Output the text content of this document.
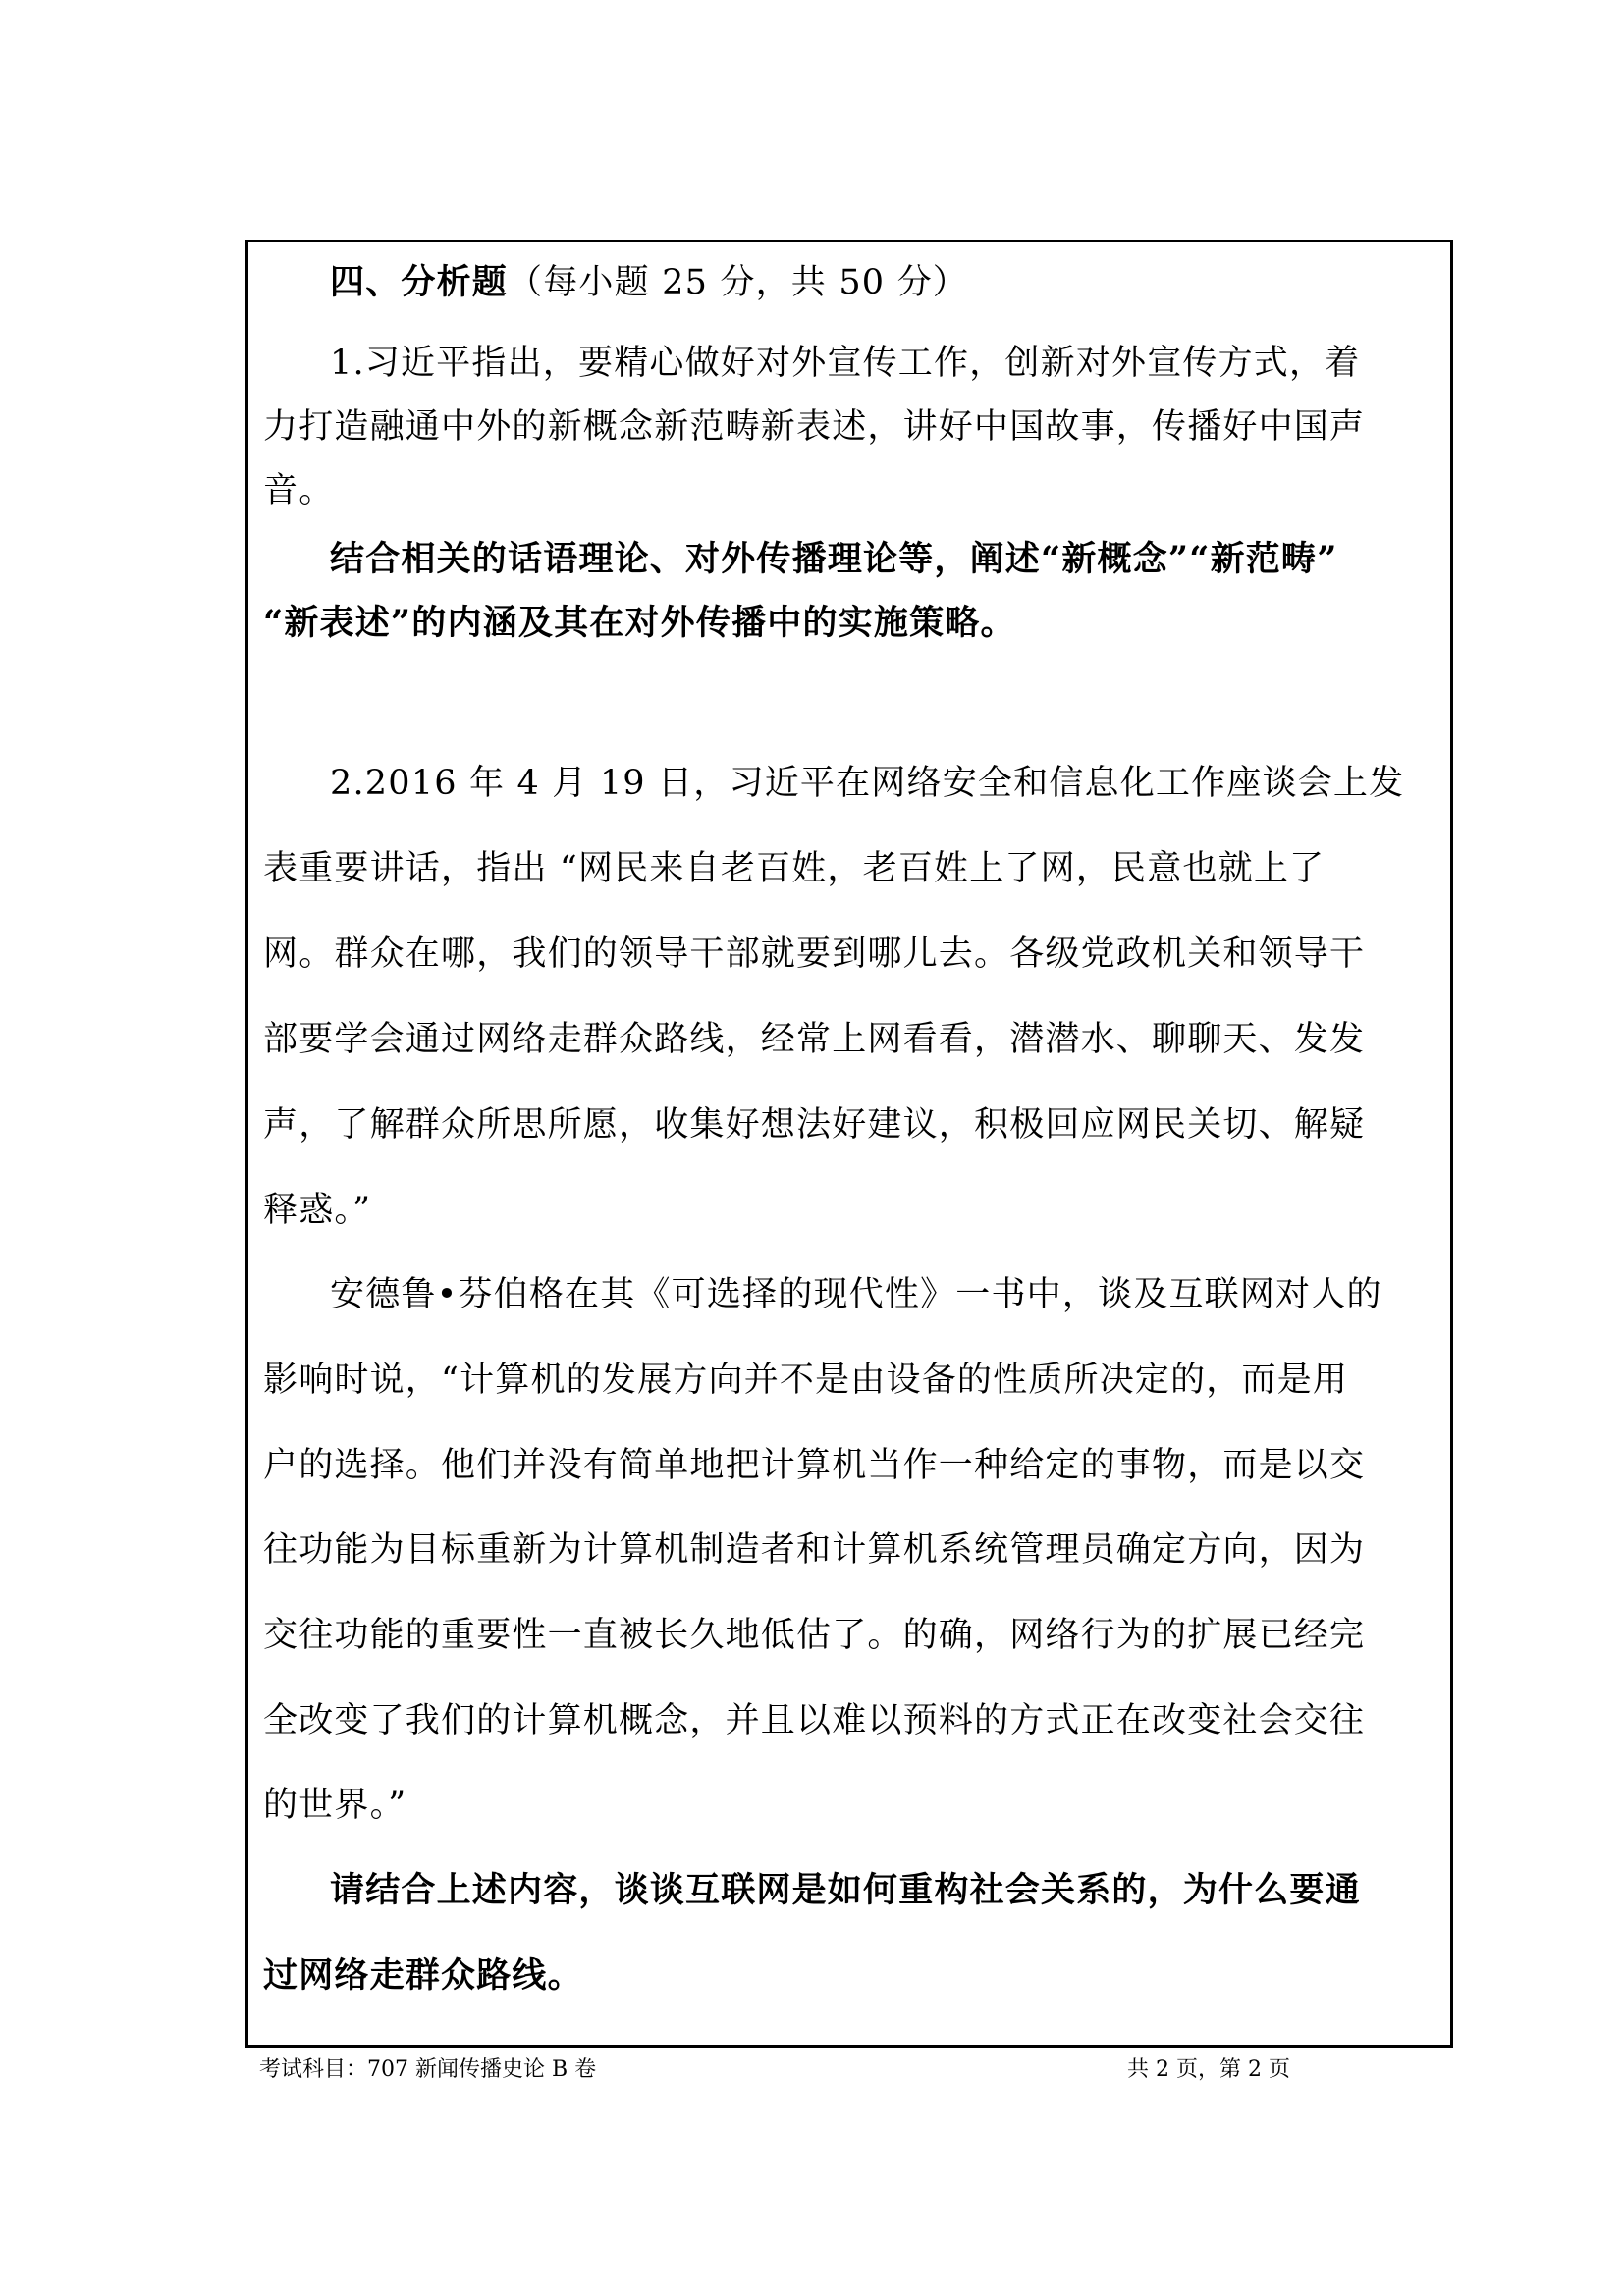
四、分析题（每小题 25 分，共 50 分）
1.习近平指出，要精心做好对外宣传工作，创新对外宣传方式，着
力打造融通中外的新概念新范畴新表述，讲好中国故事，传播好中国声
音。
结合相关的话语理论、对外传播理论等，阐述“新概念”“新范畴”
“新表述”的内涵及其在对外传播中的实施策略。
2.2016 年 4 月 19 日，习近平在网络安全和信息化工作座谈会上发
表重要讲话，指出 “网民来自老百姓，老百姓上了网，民意也就上了
网。群众在哪，我们的领导干部就要到哪儿去。各级党政机关和领导干
部要学会通过网络走群众路线，经常上网看看，潜潜水、聊聊天、发发
声，了解群众所思所愿，收集好想法好建议，积极回应网民关切、解疑
释惑。”
安德鲁•芬伯格在其《可选择的现代性》一书中，谈及互联网对人的
影响时说，“计算机的发展方向并不是由设备的性质所决定的，而是用
户的选择。他们并没有简单地把计算机当作一种给定的事物，而是以交
往功能为目标重新为计算机制造者和计算机系统管理员确定方向，因为
交往功能的重要性一直被长久地低估了。的确，网络行为的扩展已经完
全改变了我们的计算机概念，并且以难以预料的方式正在改变社会交往
的世界。”
请结合上述内容，谈谈互联网是如何重构社会关系的，为什么要通
过网络走群众路线。
考试科目：707 新闻传播史论 B 卷	共 2 页，第 2 页
